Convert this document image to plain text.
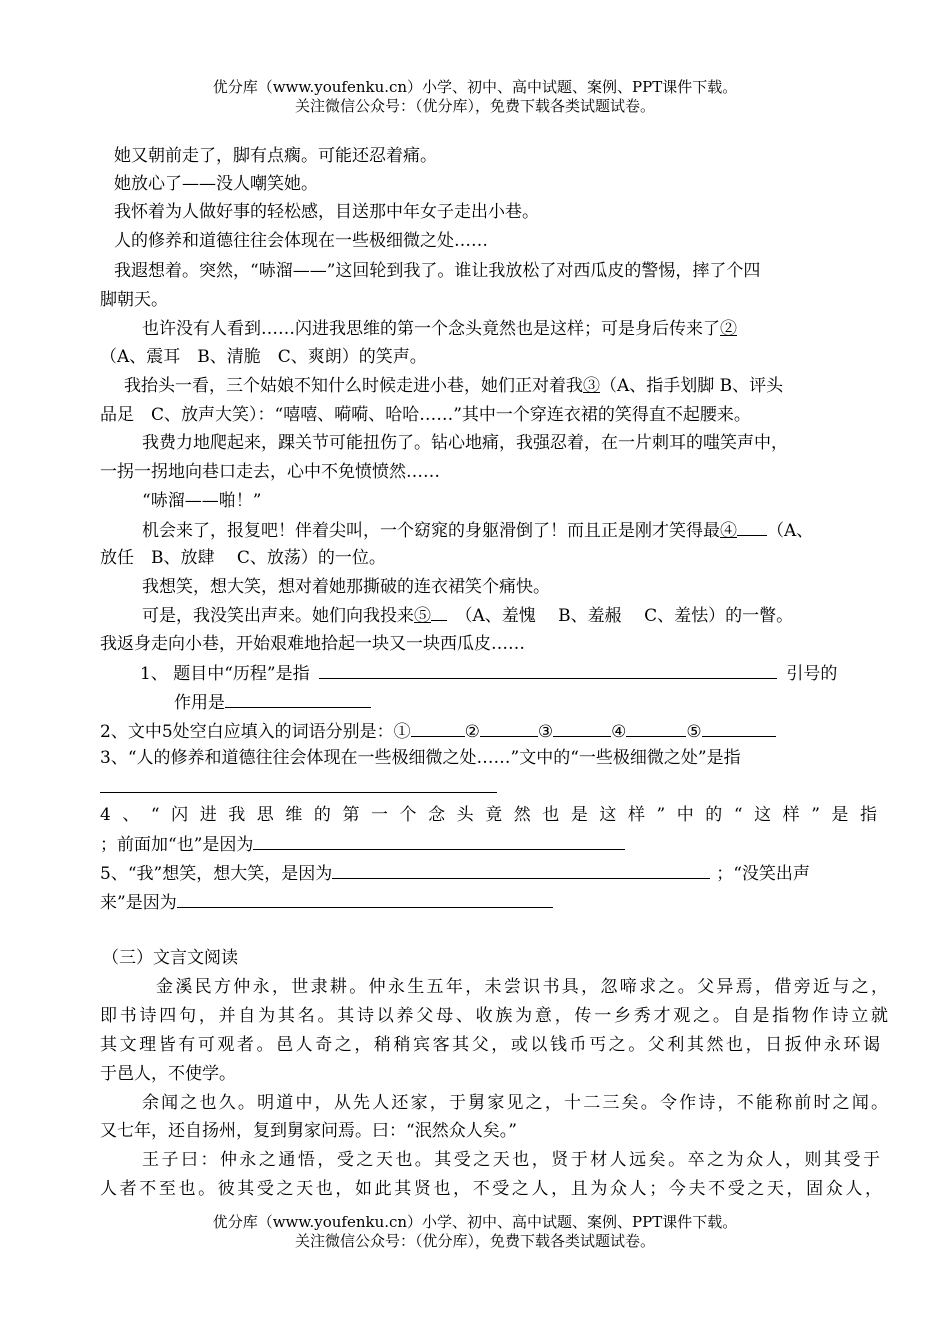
优分库（www.youfenku.cn）小学、初中、高中试题、案例、PPT课件下载。
关注微信公众号：（优分库），免费下载各类试题试卷。
她又朝前走了，脚有点瘸。可能还忍着痛。
她放心了——没人嘲笑她。
我怀着为人做好事的轻松感，目送那中年女子走出小巷。
人的修养和道德往往会体现在一些极细微之处……
我遐想着。突然，“哧溜——”这回轮到我了。谁让我放松了对西瓜皮的警惕，摔了个四
脚朝天。
也许没有人看到……闪进我思维的第一个念头竟然也是这样；可是身后传来了②
（A、震耳　B、清脆　C、爽朗）的笑声。
我抬头一看，三个姑娘不知什么时候走进小巷，她们正对着我③（A、指手划脚 B、评头
品足　C、放声大笑）：“嘻嘻、嗬嗬、哈哈……”其中一个穿连衣裙的笑得直不起腰来。
我费力地爬起来，踝关节可能扭伤了。钻心地痛，我强忍着，在一片刺耳的嗤笑声中，
一拐一拐地向巷口走去，心中不免愤愤然……
“哧溜——啪！”
机会来了，报复吧！伴着尖叫，一个窈窕的身躯滑倒了！而且正是刚才笑得最④ （A、
放任　B、放肆　 C、放荡）的一位。
我想笑，想大笑，想对着她那撕破的连衣裙笑个痛快。
可是，我没笑出声来。她们向我投来⑤　 （A、羞愧　 B、羞赧　 C、羞怯）的一瞥。
我返身走向小巷，开始艰难地拾起一块又一块西瓜皮……
1、 题目中“历程”是指	引号的
作用是
2、文中5处空白应填入的词语分别是：①	②	③	④	⑤
3、“人的修养和道德往往会体现在一些极细微之处……”文中的“一些极细微之处”是指
4、“闪进我思维的第一个念头竟然也是这样”中的“这样”是指
；前面加“也”是因为
5、“我”想笑，想大笑，是因为	；“没笑出声
来”是因为
（三）文言文阅读
金溪民方仲永，世隶耕。仲永生五年，未尝识书具，忽啼求之。父异焉，借旁近与之，
即书诗四句，并自为其名。其诗以养父母、收族为意，传一乡秀才观之。自是指物作诗立就
其文理皆有可观者。邑人奇之，稍稍宾客其父，或以钱币丐之。父利其然也，日扳仲永环谒
于邑人，不使学。
余闻之也久。明道中，从先人还家，于舅家见之，十二三矣。令作诗，不能称前时之闻。
又七年，还自扬州，复到舅家问焉。曰：“泯然众人矣。”
王子曰：仲永之通悟，受之天也。其受之天也，贤于材人远矣。卒之为众人，则其受于
人者不至也。彼其受之天也，如此其贤也，不受之人，且为众人；今夫不受之天，固众人，
优分库（www.youfenku.cn）小学、初中、高中试题、案例、PPT课件下载。
关注微信公众号：（优分库），免费下载各类试题试卷。
